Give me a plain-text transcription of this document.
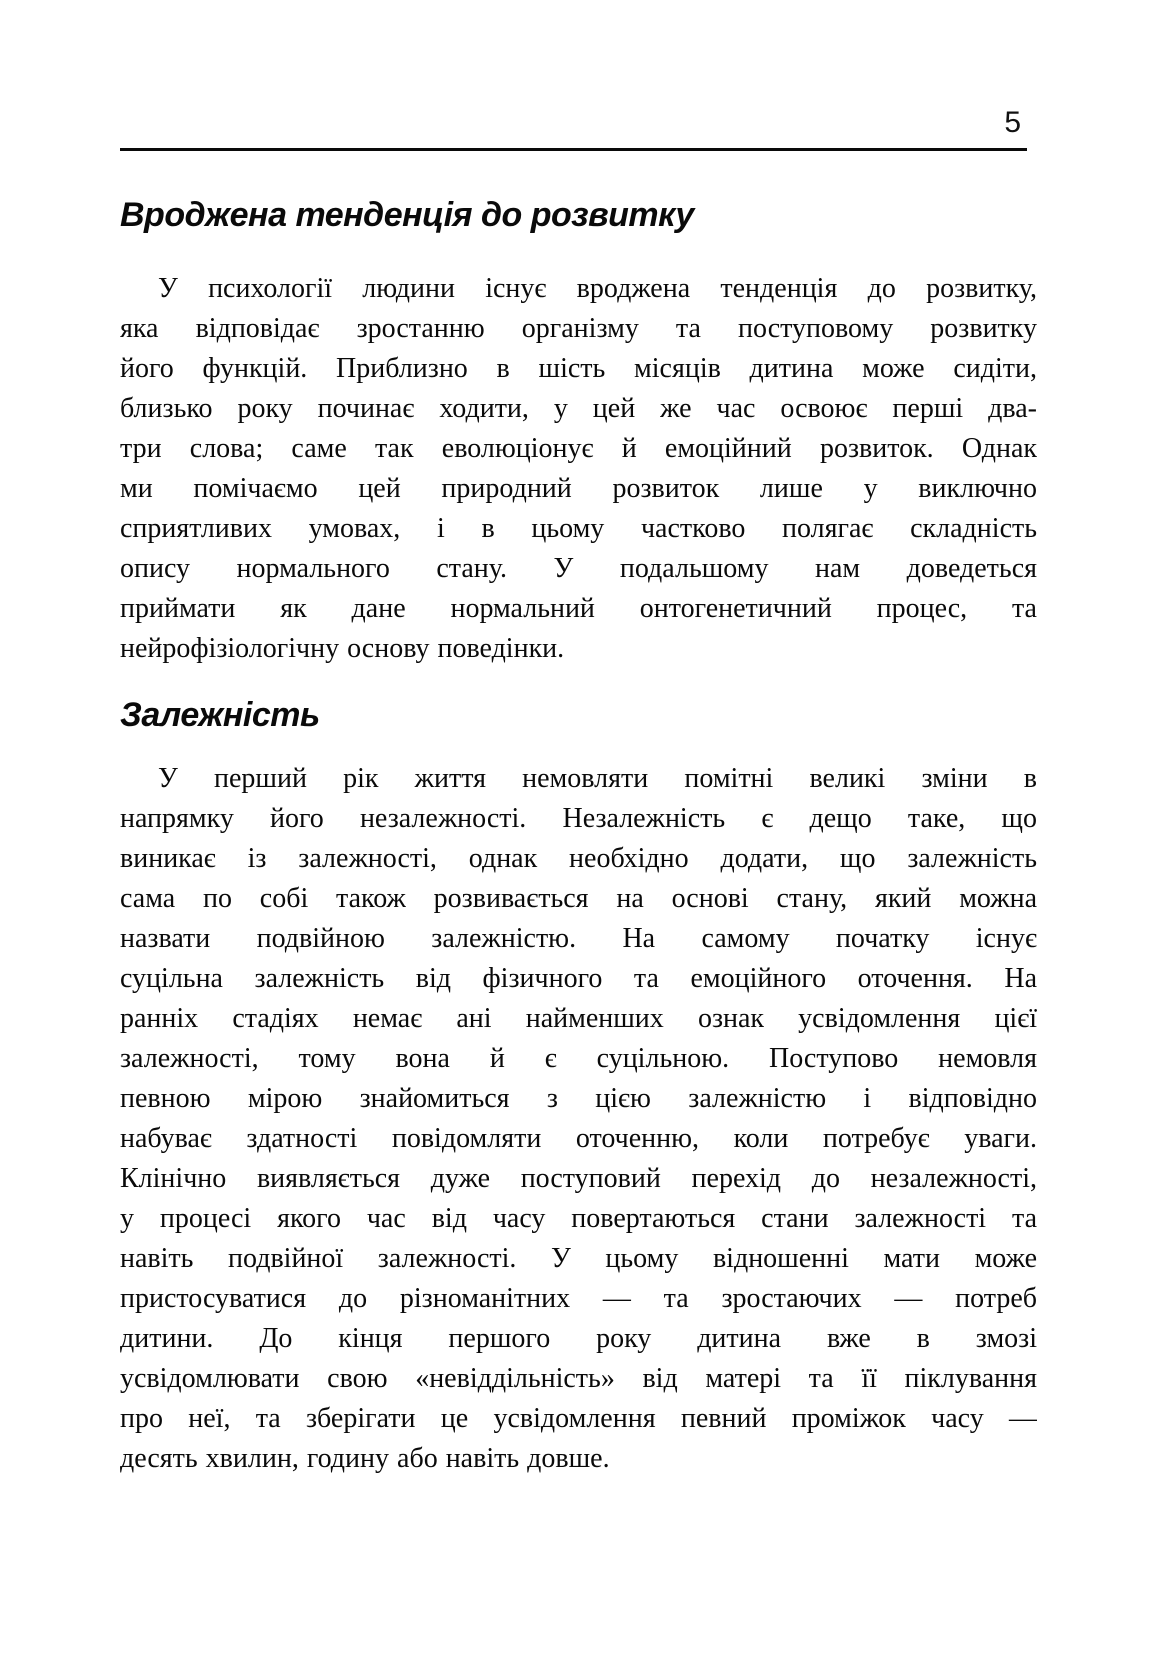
5
Вроджена тенденція до розвитку
У психології людини існує вроджена тенденція до розвитку,
яка відповідає зростанню організму та поступовому розвитку
його функцій. Приблизно в шість місяців дитина може сидіти,
близько року починає ходити, у цей же час освоює перші два-
три слова; саме так еволюціонує й емоційний розвиток. Однак
ми помічаємо цей природний розвиток лише у виключно
сприятливих умовах, і в цьому частково полягає складність
опису нормального стану. У подальшому нам доведеться
приймати як дане нормальний онтогенетичний процес, та
нейрофізіологічну основу поведінки.
Залежність
У перший рік життя немовляти помітні великі зміни в
напрямку його незалежності. Незалежність є дещо таке, що
виникає із залежності, однак необхідно додати, що залежність
сама по собі також розвивається на основі стану, який можна
назвати подвійною залежністю. На самому початку існує
суцільна залежність від фізичного та емоційного оточення. На
ранніх стадіях немає ані найменших ознак усвідомлення цієї
залежності, тому вона й є суцільною. Поступово немовля
певною мірою знайомиться з цією залежністю і відповідно
набуває здатності повідомляти оточенню, коли потребує уваги.
Клінічно виявляється дуже поступовий перехід до незалежності,
у процесі якого час від часу повертаються стани залежності та
навіть подвійної залежності. У цьому відношенні мати може
пристосуватися до різноманітних — та зростаючих — потреб
дитини. До кінця першого року дитина вже в змозі
усвідомлювати свою «невіддільність» від матері та її піклування
про неї, та зберігати це усвідомлення певний проміжок часу —
десять хвилин, годину або навіть довше.
